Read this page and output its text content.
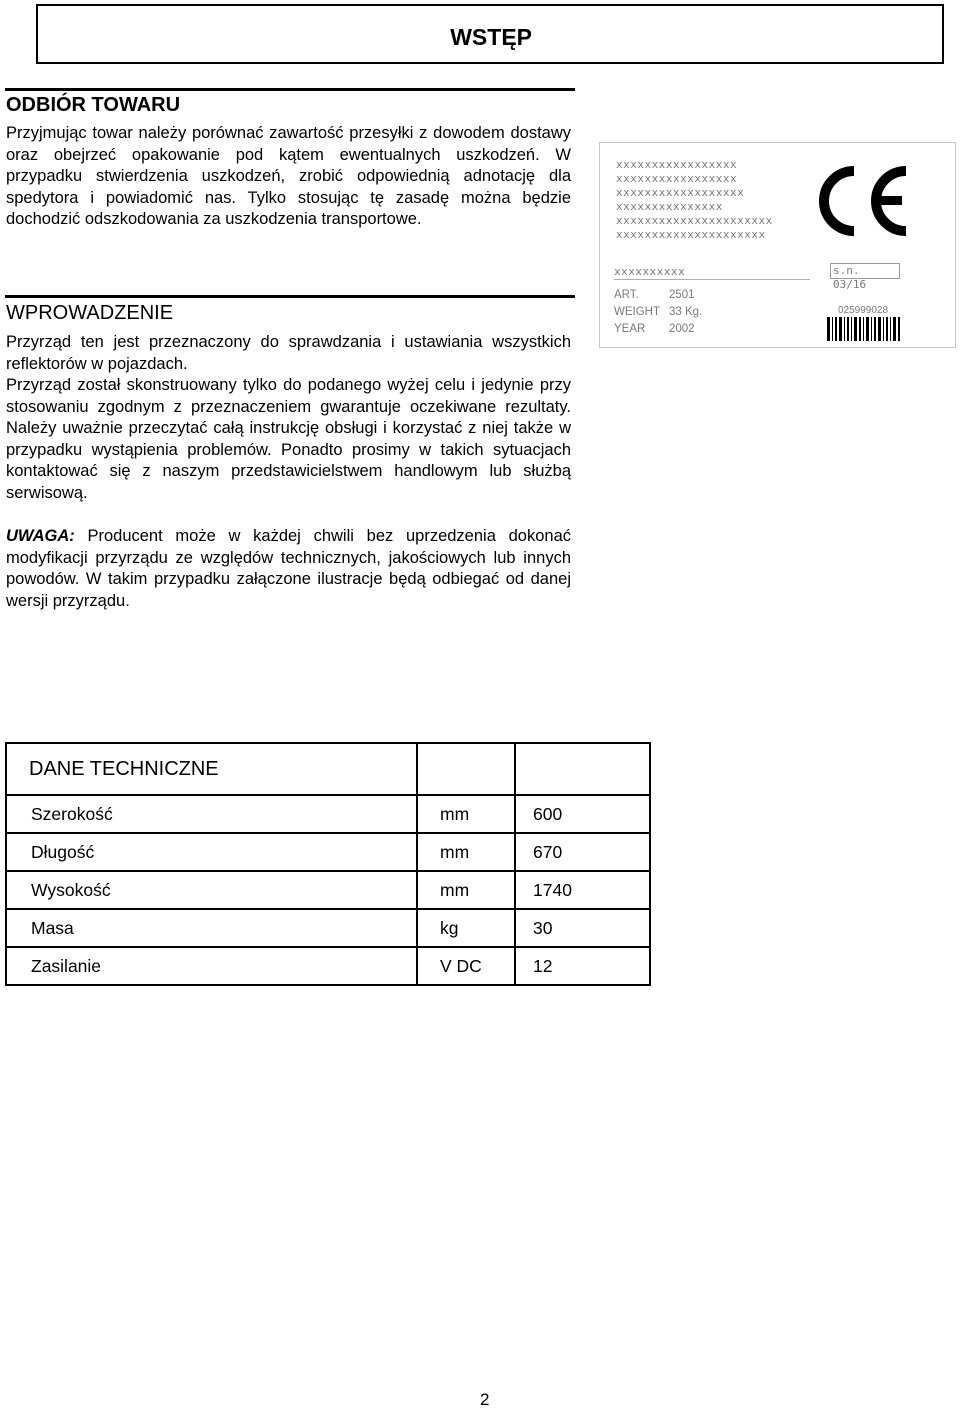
WSTĘP
ODBIÓR TOWARU

Przyjmując towar należy porównać zawartość przesyłki z dowodem dostawy oraz obejrzeć opakowanie pod kątem ewentualnych uszkodzeń. W przypadku stwierdzenia uszkodzeń, zrobić odpowiednią adnotację dla spedytora i powiadomić nas. Tylko stosując tę zasadę można będzie dochodzić odszkodowania za uszkodzenia transportowe.

WPROWADZENIE

Przyrząd ten jest przeznaczony do sprawdzania i ustawiania wszystkich reflektorów w pojazdach.

Przyrząd został skonstruowany tylko do podanego wyżej celu i jedynie przy stosowaniu zgodnym z przeznaczeniem gwarantuje oczekiwane rezultaty. Należy uważnie przeczytać całą instrukcję obsługi i korzystać z niej także w przypadku wystąpienia problemów. Ponadto prosimy w takich sytuacjach kontaktować się z naszym przedstawicielstwem handlowym lub służbą serwisową.

UWAGA: Producent może w każdej chwili bez uprzedzenia dokonać modyfikacji przyrządu ze względów technicznych, jakościowych lub innych powodów. W takim przypadku załączone ilustracje będą odbiegać od danej wersji przyrządu.

xxxxxxxxxxxxxxxxx
xxxxxxxxxxxxxxxxx
xxxxxxxxxxxxxxxxxx
xxxxxxxxxxxxxxx
xxxxxxxxxxxxxxxxxxxxxx
xxxxxxxxxxxxxxxxxxxxx
xxxxxxxxxx	s.n. 03/16
ART.	2501
WEIGHT 33 Kg.
YEAR	2002
025999028
DANE TECHNICZNE		
Szerokość	mm	600
Długość	mm	670
Wysokość	mm	1740
Masa	kg	30
Zasilanie	V DC	12
2
